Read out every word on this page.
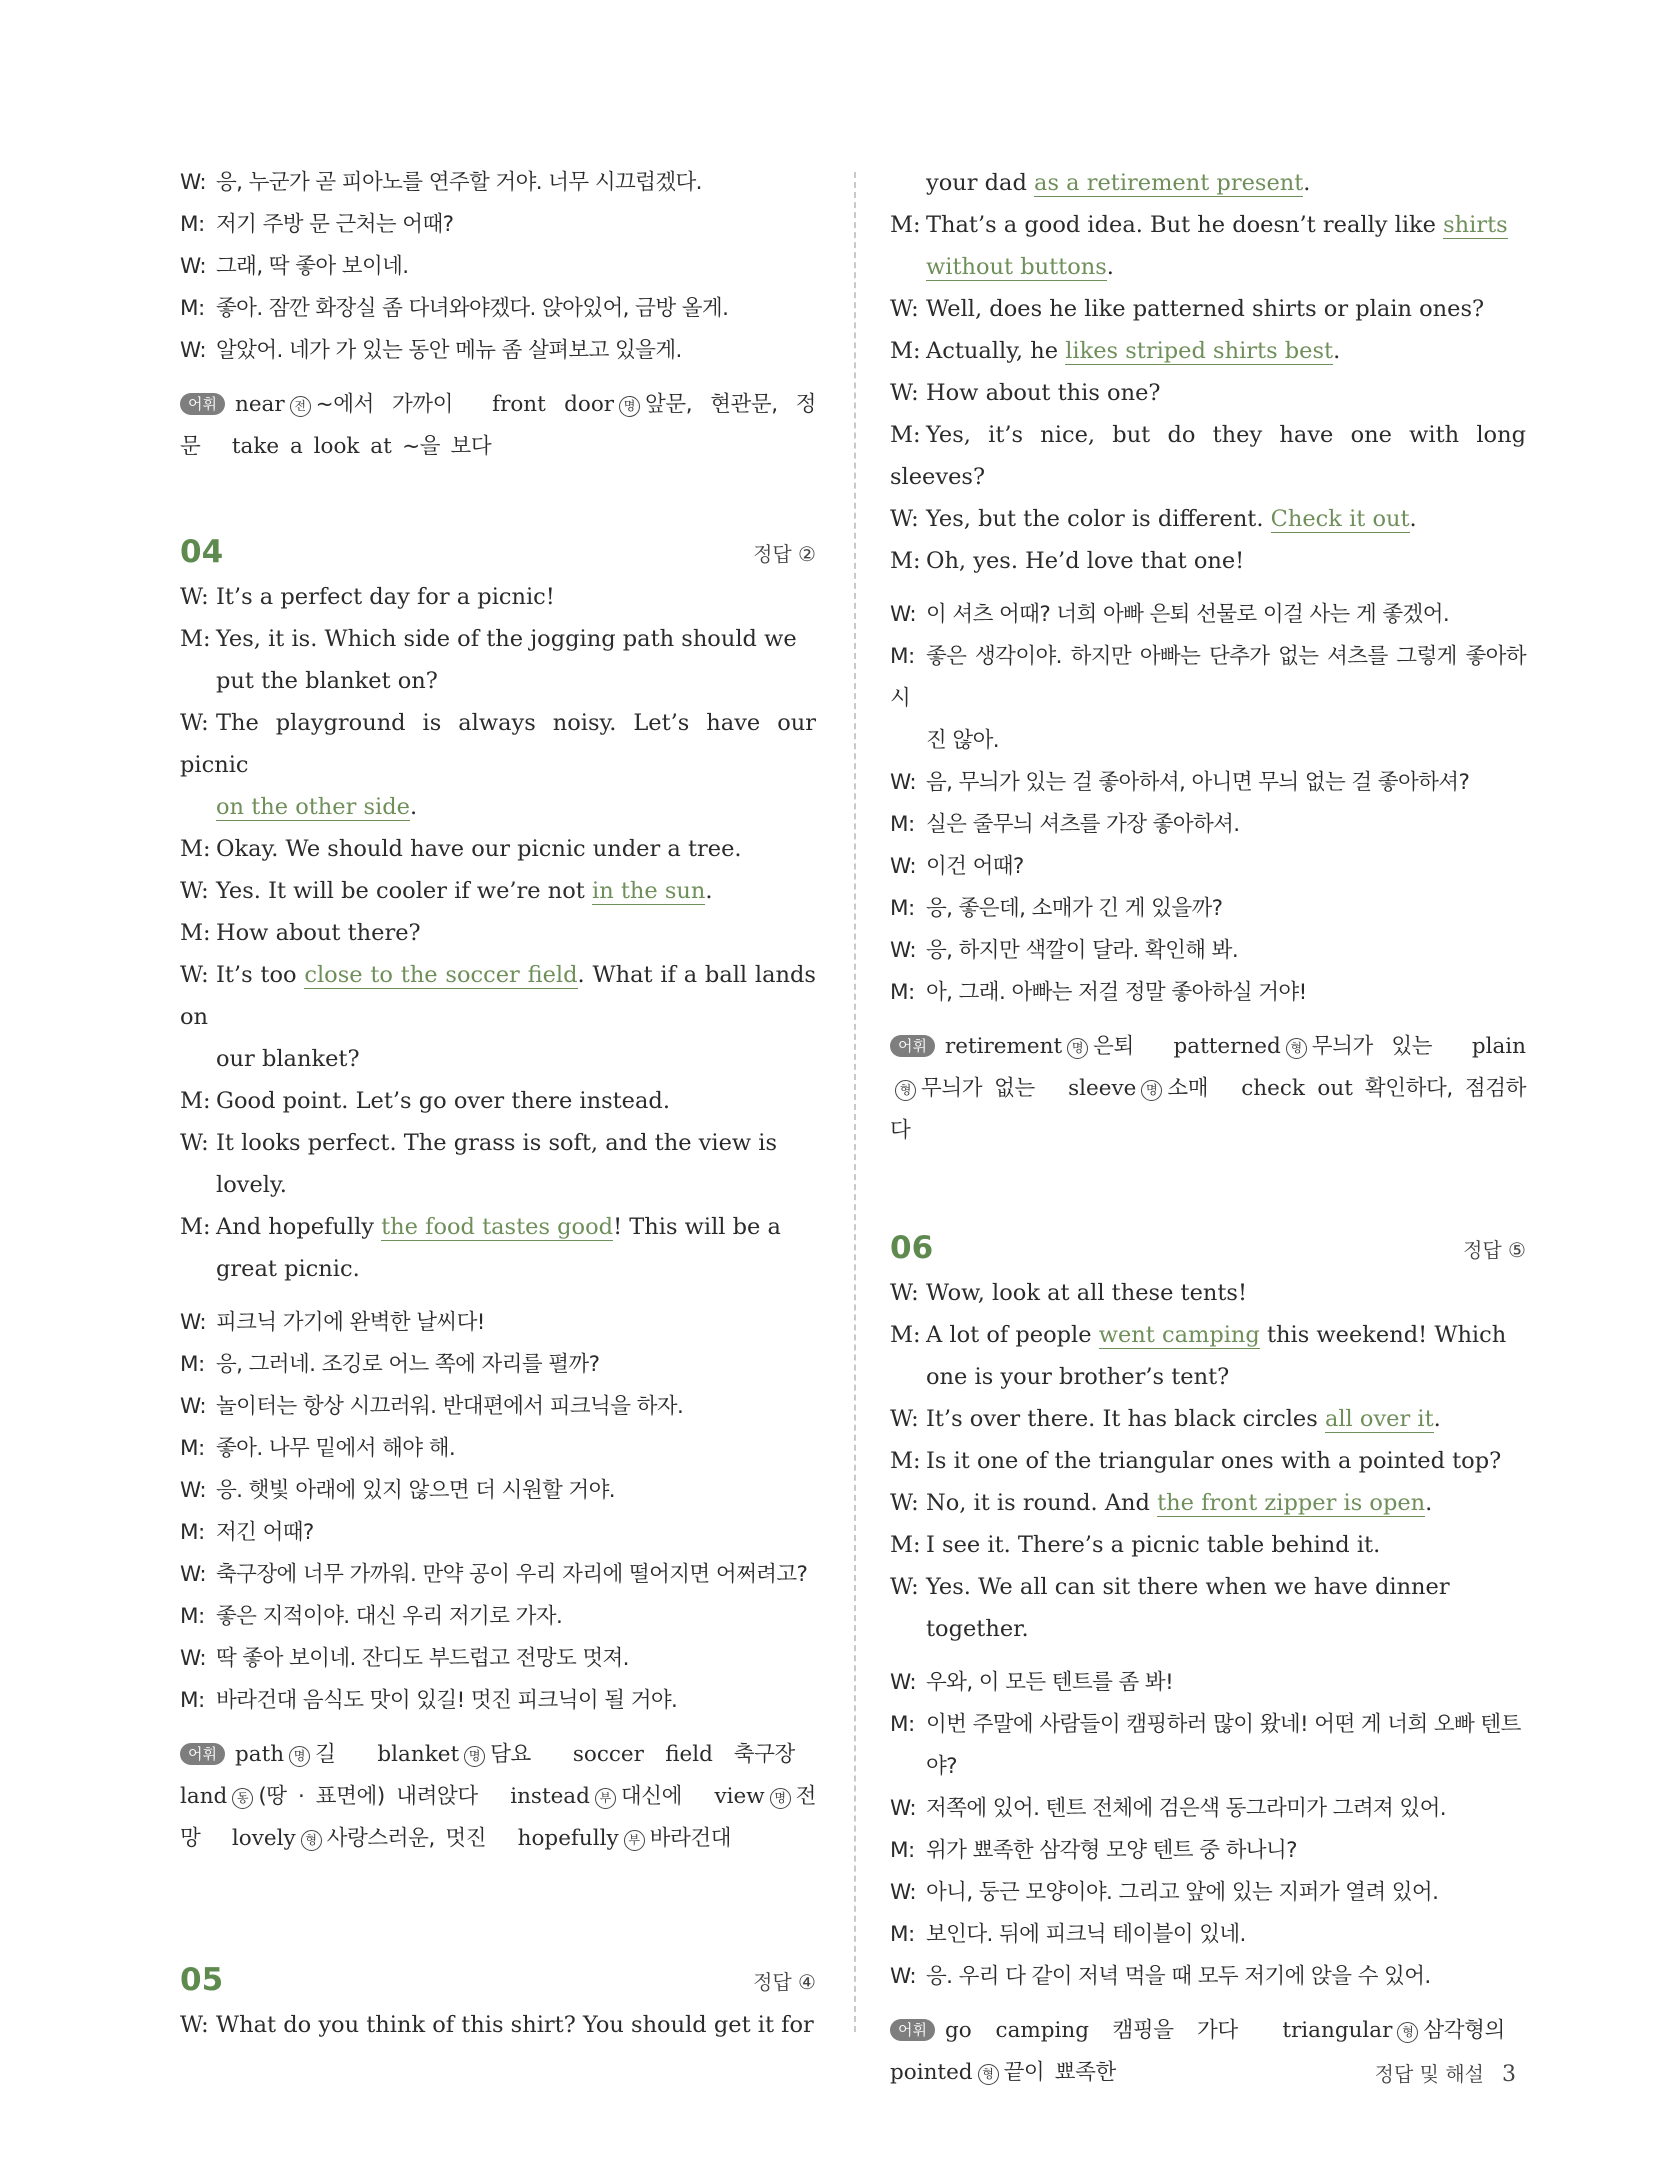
W: 응, 누군가 곧 피아노를 연주할 거야. 너무 시끄럽겠다.
M: 저기 주방 문 근처는 어때?
W: 그래, 딱 좋아 보이네.
M: 좋아. 잠깐 화장실 좀 다녀와야겠다. 앉아있어, 금방 올게.
W: 알았어. 네가 가 있는 동안 메뉴 좀 살펴보고 있을게.
어휘 near 전 ~에서 가까이  front door 명 앞문, 현관문, 정문  take a look at ~을 보다
04	정답 ②
W: It’s a perfect day for a picnic!
M: Yes, it is. Which side of the jogging path should we
put the blanket on?
W: The playground is always noisy. Let’s have our picnic
on the other side.
M: Okay. We should have our picnic under a tree.
W: Yes. It will be cooler if we’re not in the sun.
M: How about there?
W: It’s too close to the soccer field. What if a ball lands on
our blanket?
M: Good point. Let’s go over there instead.
W: It looks perfect. The grass is soft, and the view is
lovely.
M: And hopefully the food tastes good! This will be a
great picnic.
W: 피크닉 가기에 완벽한 날씨다!
M: 응, 그러네. 조깅로 어느 쪽에 자리를 펼까?
W: 놀이터는 항상 시끄러워. 반대편에서 피크닉을 하자.
M: 좋아. 나무 밑에서 해야 해.
W: 응. 햇빛 아래에 있지 않으면 더 시원할 거야.
M: 저긴 어때?
W: 축구장에 너무 가까워. 만약 공이 우리 자리에 떨어지면 어쩌려고?
M: 좋은 지적이야. 대신 우리 저기로 가자.
W: 딱 좋아 보이네. 잔디도 부드럽고 전망도 멋져.
M: 바라건대 음식도 맛이 있길! 멋진 피크닉이 될 거야.
어휘 path 명 길  blanket 명 담요  soccer field 축구장  land 동 (땅 · 표면에) 내려앉다  instead 부 대신에  view 명 전망  lovely 형 사랑스러운, 멋진  hopefully 부 바라건대
05	정답 ④
W: What do you think of this shirt? You should get it for
your dad as a retirement present.
M: That’s a good idea. But he doesn’t really like shirts
without buttons.
W: Well, does he like patterned shirts or plain ones?
M: Actually, he likes striped shirts best.
W: How about this one?
M: Yes, it’s nice, but do they have one with long sleeves?
W: Yes, but the color is different. Check it out.
M: Oh, yes. He’d love that one!
W: 이 셔츠 어때? 너희 아빠 은퇴 선물로 이걸 사는 게 좋겠어.
M: 좋은 생각이야. 하지만 아빠는 단추가 없는 셔츠를 그렇게 좋아하시
진 않아.
W: 음, 무늬가 있는 걸 좋아하셔, 아니면 무늬 없는 걸 좋아하셔?
M: 실은 줄무늬 셔츠를 가장 좋아하셔.
W: 이건 어때?
M: 응, 좋은데, 소매가 긴 게 있을까?
W: 응, 하지만 색깔이 달라. 확인해 봐.
M: 아, 그래. 아빠는 저걸 정말 좋아하실 거야!
어휘 retirement 명 은퇴  patterned 형 무늬가 있는  plain형 무늬가 없는  sleeve 명 소매  check out 확인하다, 점검하다
06	정답 ⑤
W: Wow, look at all these tents!
M: A lot of people went camping this weekend! Which
one is your brother’s tent?
W: It’s over there. It has black circles all over it.
M: Is it one of the triangular ones with a pointed top?
W: No, it is round. And the front zipper is open.
M: I see it. There’s a picnic table behind it.
W: Yes. We all can sit there when we have dinner
together.
W: 우와, 이 모든 텐트를 좀 봐!
M: 이번 주말에 사람들이 캠핑하러 많이 왔네! 어떤 게 너희 오빠 텐트
야?
W: 저쪽에 있어. 텐트 전체에 검은색 동그라미가 그려져 있어.
M: 위가 뾰족한 삼각형 모양 텐트 중 하나니?
W: 아니, 둥근 모양이야. 그리고 앞에 있는 지퍼가 열려 있어.
M: 보인다. 뒤에 피크닉 테이블이 있네.
W: 응. 우리 다 같이 저녁 먹을 때 모두 저기에 앉을 수 있어.
어휘 go camping 캠핑을 가다  triangular 형 삼각형의  pointed 형 끝이 뾰족한	정답 및 해설 3
